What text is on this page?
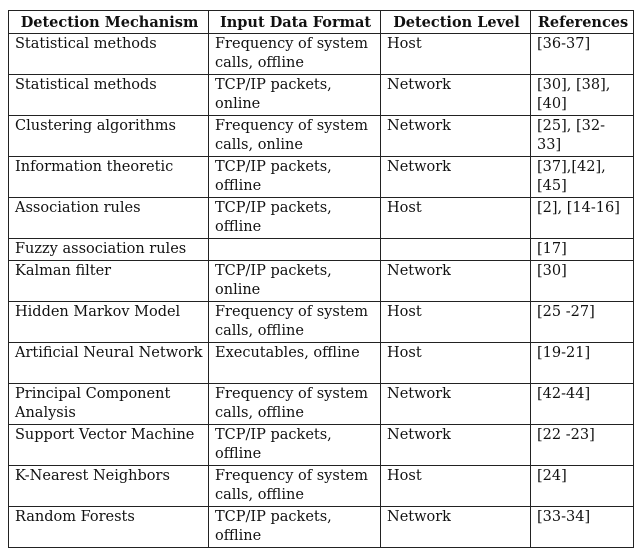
Detection Mechanism	Input Data Format	Detection Level	References
Statistical methods	Frequency of system calls, offline	Host	[36-37]
Statistical methods	TCP/IP packets, online	Network	[30], [38], [40]
Clustering algorithms	Frequency of system calls, online	Network	[25], [32-33]
Information theoretic	TCP/IP packets, offline	Network	[37],[42], [45]
Association rules	TCP/IP packets, offline	Host	[2], [14-16]
Fuzzy association rules			[17]
Kalman filter	TCP/IP packets, online	Network	[30]
Hidden Markov Model	Frequency of system calls, offline	Host	[25 -27]
Artificial Neural Network	Executables, offline	Host	[19-21]
Principal Component Analysis	Frequency of system calls, offline	Network	[42-44]
Support Vector Machine	TCP/IP packets, offline	Network	[22 -23]
K-Nearest Neighbors	Frequency of system calls, offline	Host	[24]
Random Forests	TCP/IP packets, offline	Network	[33-34]
